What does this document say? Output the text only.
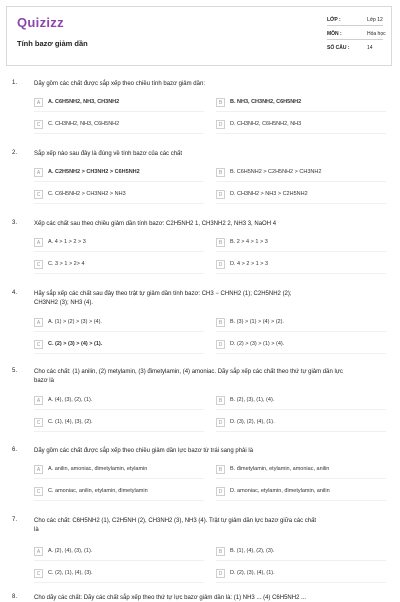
Quizizz
Tính bazơ giảm dần
LỚP :	Lớp 12
MÔN :	Hóa học
SỐ CÂU :	14
1.	Dãy gồm các chất được sắp xếp theo chiều tính bazơ giảm dần:
A	A. C6H5NH2, NH3, CH3NH2	B	B. NH3, CH3NH2, C6H5NH2
C	C. CH3NH2, NH3, C6H5NH2	D	D. CH3NH2, C6H5NH2, NH3
2.	Sắp xếp nào sau đây là đúng về tính bazơ của các chất
A	A. C2H5NH2 > CH3NH2 > C6H5NH2	B	B. C6H5NH2 > C2H5NH2 > CH3NH2
C	C. C6H5NH2 > CH3NH2 > NH3	D	D. CH3NH2 > NH3 > C2H5NH2
3.	Xếp các chất sau theo chiều giảm dần tính bazơ: C2H5NH2 1, CH3NH2 2, NH3 3, NaOH 4
A	A. 4 > 1 > 2 > 3	B	B. 2 > 4 > 1 > 3
C	C. 3 > 1 > 2> 4	D	D. 4 > 2 > 1 > 3
4.	Hãy sắp xếp các chất sau đây theo trật tự giảm dần tính bazơ: CH3 − CHNH2 (1); C2H5NH2 (2);
CH3NH2 (3); NH3 (4).
A	A. (1) > (2) > (3) > (4).	B	B. (3) > (1) > (4) > (2).
C	C. (2) > (3) > (4) > (1).	D	D. (2) > (3) > (1) > (4).
5.	Cho các chất: (1) anilin, (2) metylamin, (3) đimetylamin, (4) amoniac. Dãy sắp xếp các chất theo thứ tự giảm dần lực
bazơ là
A	A. (4), (3), (2), (1).	B	B. (2), (3), (1), (4).
C	C. (1), (4), (3), (2).	D	D. (3), (2), (4), (1).
6.	Dãy gồm các chất được sắp xếp theo chiều giảm dần lực bazơ từ trái sang phải là
A	A. anilin, amoniac, đimetylamin, etylamin	B	B. đimetylamin, etylamin, amoniac, anilin
C	C. amoniac, anilin, etylamin, đimetylamin	D	D. amoniac, etylamin, đimetylamin, anilin
7.	Cho các chất: C6H5NH2 (1), C2H5NH (2), CH3NH2 (3), NH3 (4). Trật tự giảm dần lực bazơ giữa các chất
là
A	A. (2), (4), (3), (1).	B	B. (1), (4), (2), (3).
C	C. (2), (1), (4), (3).	D	D. (2), (3), (4), (1).
8.	Cho dãy các chất: Dãy các chất sắp xếp theo thứ tự lực bazơ giảm dần là: (1) NH3 ... (4) C6H5NH2 ...
